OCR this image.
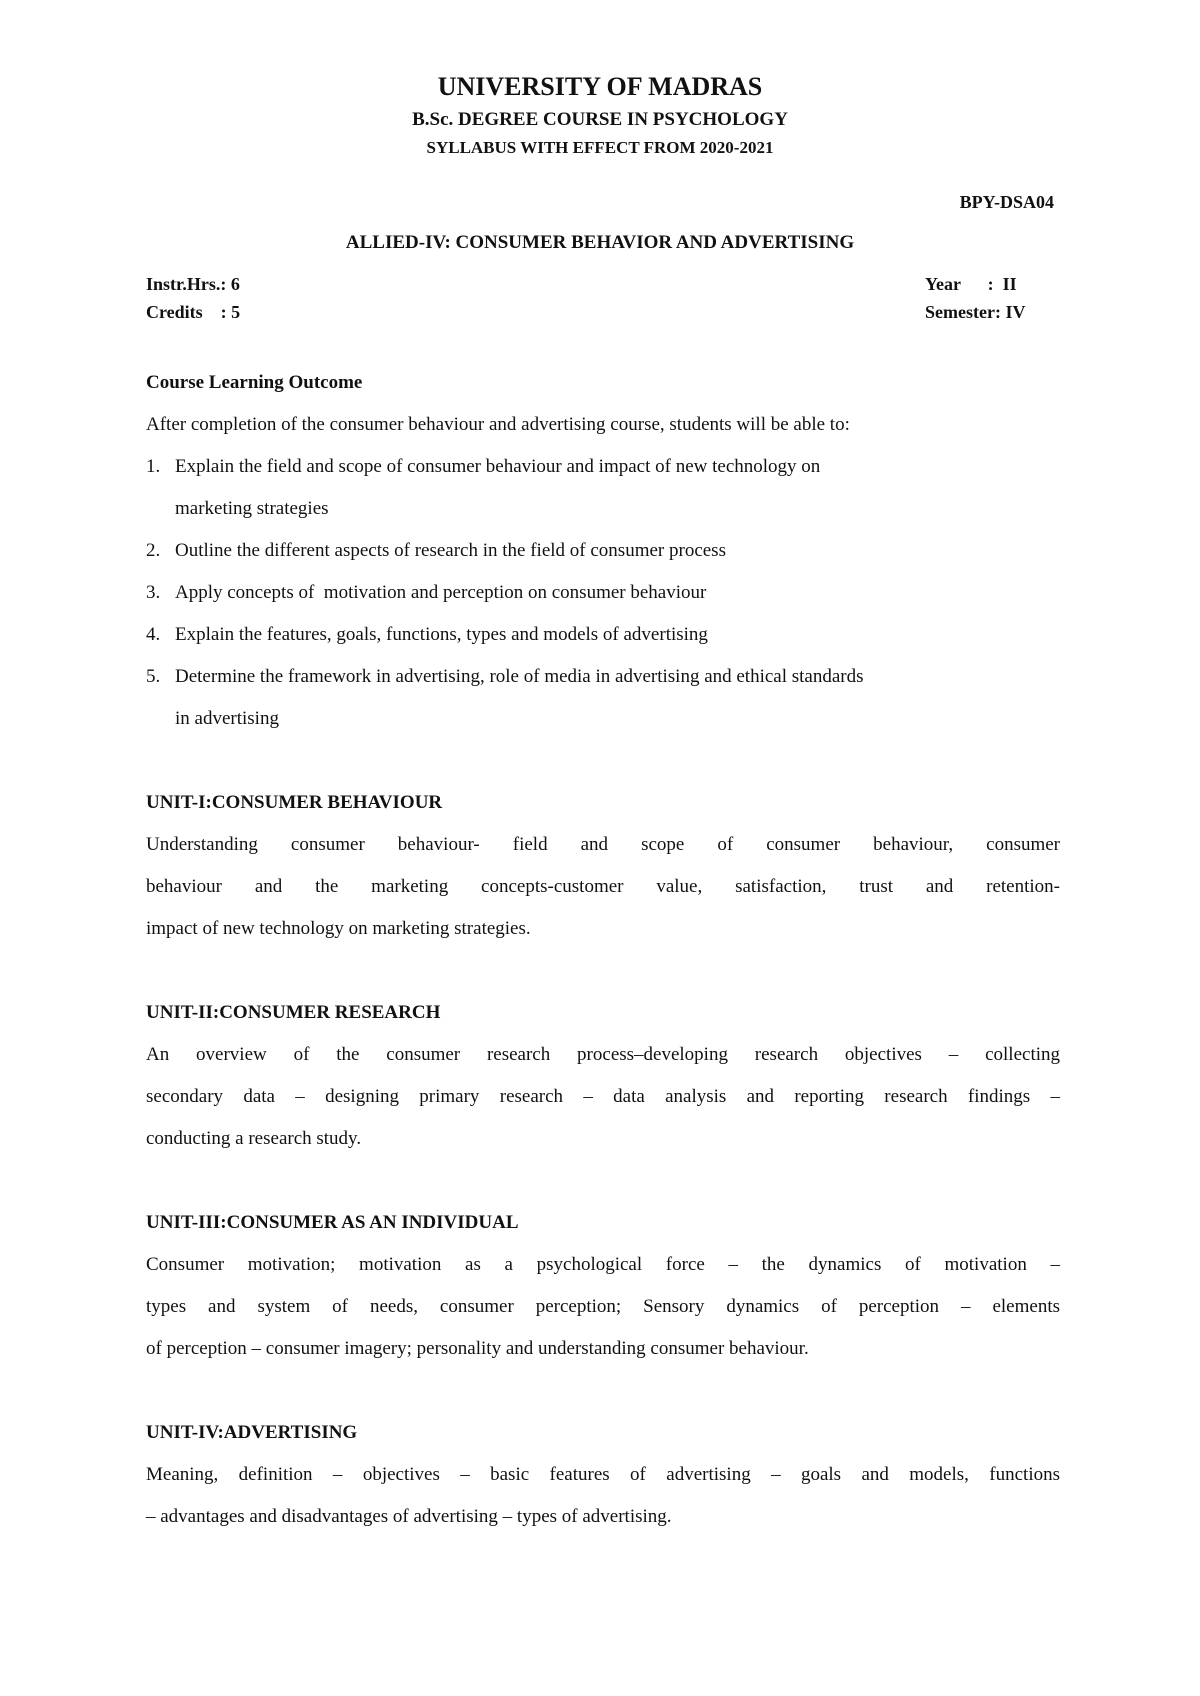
UNIVERSITY OF MADRAS
B.Sc. DEGREE COURSE IN PSYCHOLOGY
SYLLABUS WITH EFFECT FROM 2020-2021
BPY-DSA04
ALLIED-IV: CONSUMER BEHAVIOR AND ADVERTISING
Instr.Hrs.: 6
Credits    : 5
Year      :  II
Semester: IV
Course Learning Outcome
After completion of the consumer behaviour and advertising course, students will be able to:
1. Explain the field and scope of consumer behaviour and impact of new technology on
marketing strategies
2. Outline the different aspects of research in the field of consumer process
3. Apply concepts of  motivation and perception on consumer behaviour
4. Explain the features, goals, functions, types and models of advertising
5. Determine the framework in advertising, role of media in advertising and ethical standards
in advertising
UNIT-I:CONSUMER BEHAVIOUR
Understanding consumer behaviour- field and scope of consumer behaviour, consumer
behaviour and the marketing concepts-customer value, satisfaction, trust and retention-
impact of new technology on marketing strategies.
UNIT-II:CONSUMER RESEARCH
An overview of the consumer research process–developing research objectives – collecting
secondary data – designing primary research – data analysis and reporting research findings –
conducting a research study.
UNIT-III:CONSUMER AS AN INDIVIDUAL
Consumer motivation; motivation as a psychological force – the dynamics of motivation –
types and system of needs, consumer perception; Sensory dynamics of perception – elements
of perception – consumer imagery; personality and understanding consumer behaviour.
UNIT-IV:ADVERTISING
Meaning, definition – objectives – basic features of advertising – goals and models, functions
– advantages and disadvantages of advertising – types of advertising.
